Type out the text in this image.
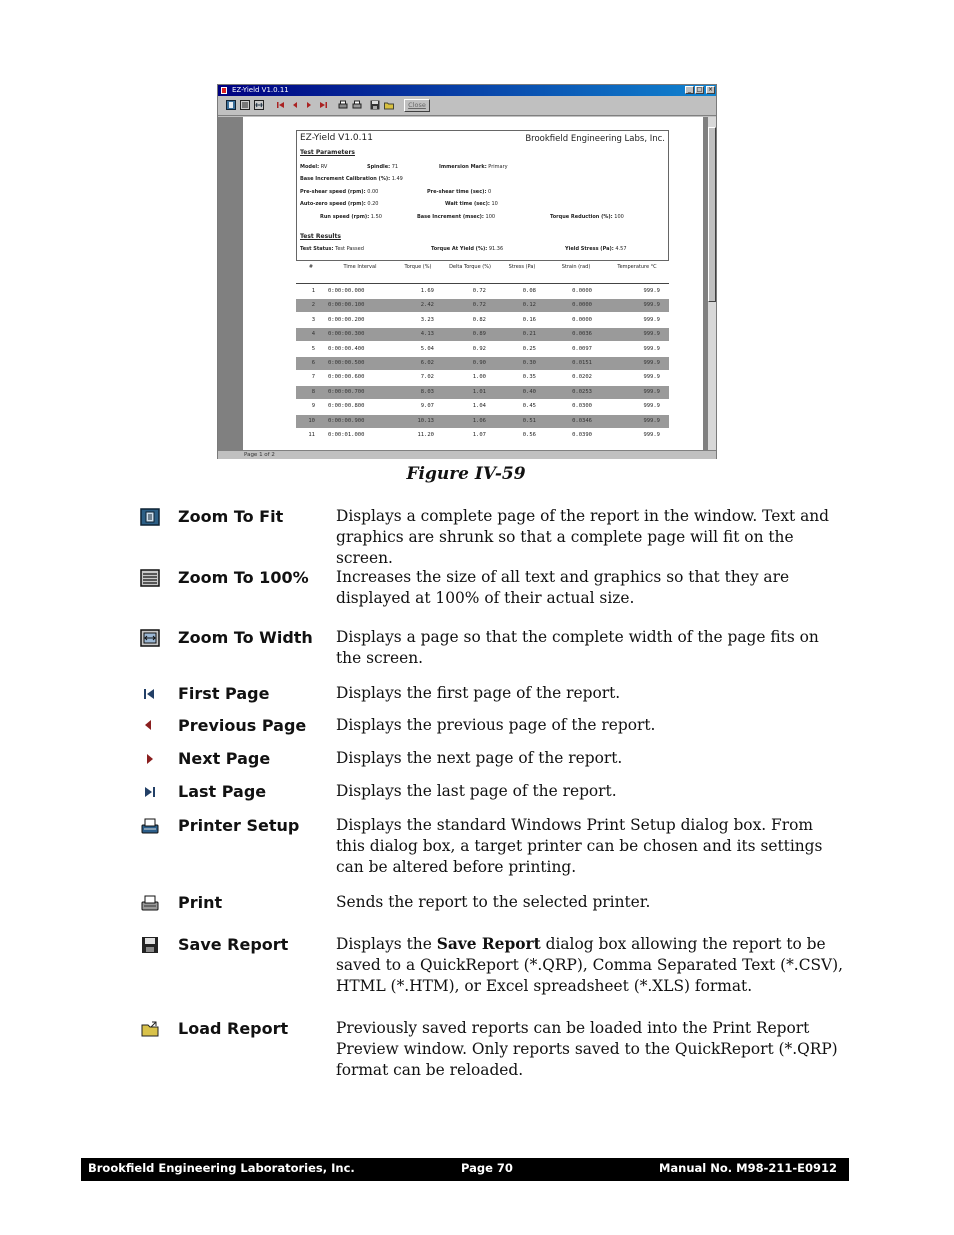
EZ-Yield V1.0.11	_ □ ×
Close
EZ-Yield V1.0.11	Brookfield Engineering Labs, Inc.
Test Parameters
Model: RV	Spindle: 71	Immersion Mark: Primary
Base Increment Calibration (%): 1.49
Pre-shear speed (rpm): 0.00	Pre-shear time (sec): 0
Auto-zero speed (rpm): 0.20	Wait time (sec): 10
Run speed (rpm): 1.50	Base Increment (msec): 100	Torque Reduction (%): 100
Test Results
Test Status: Test Passed	Torque At Yield (%): 91.36	Yield Stress (Pa): 4.57
#	Time Interval	Torque (%)	Delta Torque (%)	Stress (Pa)	Strain (rad)	Temperature °C
1 0:00:00.000	1.69	0.72	0.08	0.0000	999.9
2 0:00:00.100	2.42	0.72	0.12	0.0000	999.9
3 0:00:00.200	3.23	0.82	0.16	0.0000	999.9
4 0:00:00.300	4.13	0.89	0.21	0.0036	999.9
5 0:00:00.400	5.04	0.92	0.25	0.0097	999.9
6 0:00:00.500	6.02	0.90	0.30	0.0151	999.9
7 0:00:00.600	7.02	1.00	0.35	0.0202	999.9
8 0:00:00.700	8.03	1.01	0.40	0.0253	999.9
9 0:00:00.800	9.07	1.04	0.45	0.0300	999.9
10 0:00:00.900	10.13	1.06	0.51	0.0346	999.9
11 0:00:01.000	11.20	1.07	0.56	0.0390	999.9
Page 1 of 2
Figure IV-59
Zoom To Fit	Displays a complete page of the report in the window. Text and graphics are shrunk so that a complete page will fit on the screen.
Zoom To 100% Increases the size of all text and graphics so that they are displayed at 100% of their actual size.
Zoom To Width Displays a page so that the complete width of the page fits on the screen.
First Page	Displays the first page of the report.
Previous Page Displays the previous page of the report.
Next Page	Displays the next page of the report.
Last Page	Displays the last page of the report.
Printer Setup Displays the standard Windows Print Setup dialog box. From this dialog box, a target printer can be chosen and its settings can be altered before printing.
Print	Sends the report to the selected printer.
Save Report	Displays the Save Report dialog box allowing the report to be saved to a QuickReport (*.QRP), Comma Separated Text (*.CSV), HTML (*.HTM), or Excel spreadsheet (*.XLS) format.
Load Report	Previously saved reports can be loaded into the Print Report Preview window. Only reports saved to the QuickReport (*.QRP) format can be reloaded.
Brookfield Engineering Laboratories, Inc.	Page 70	Manual No. M98-211-E0912
